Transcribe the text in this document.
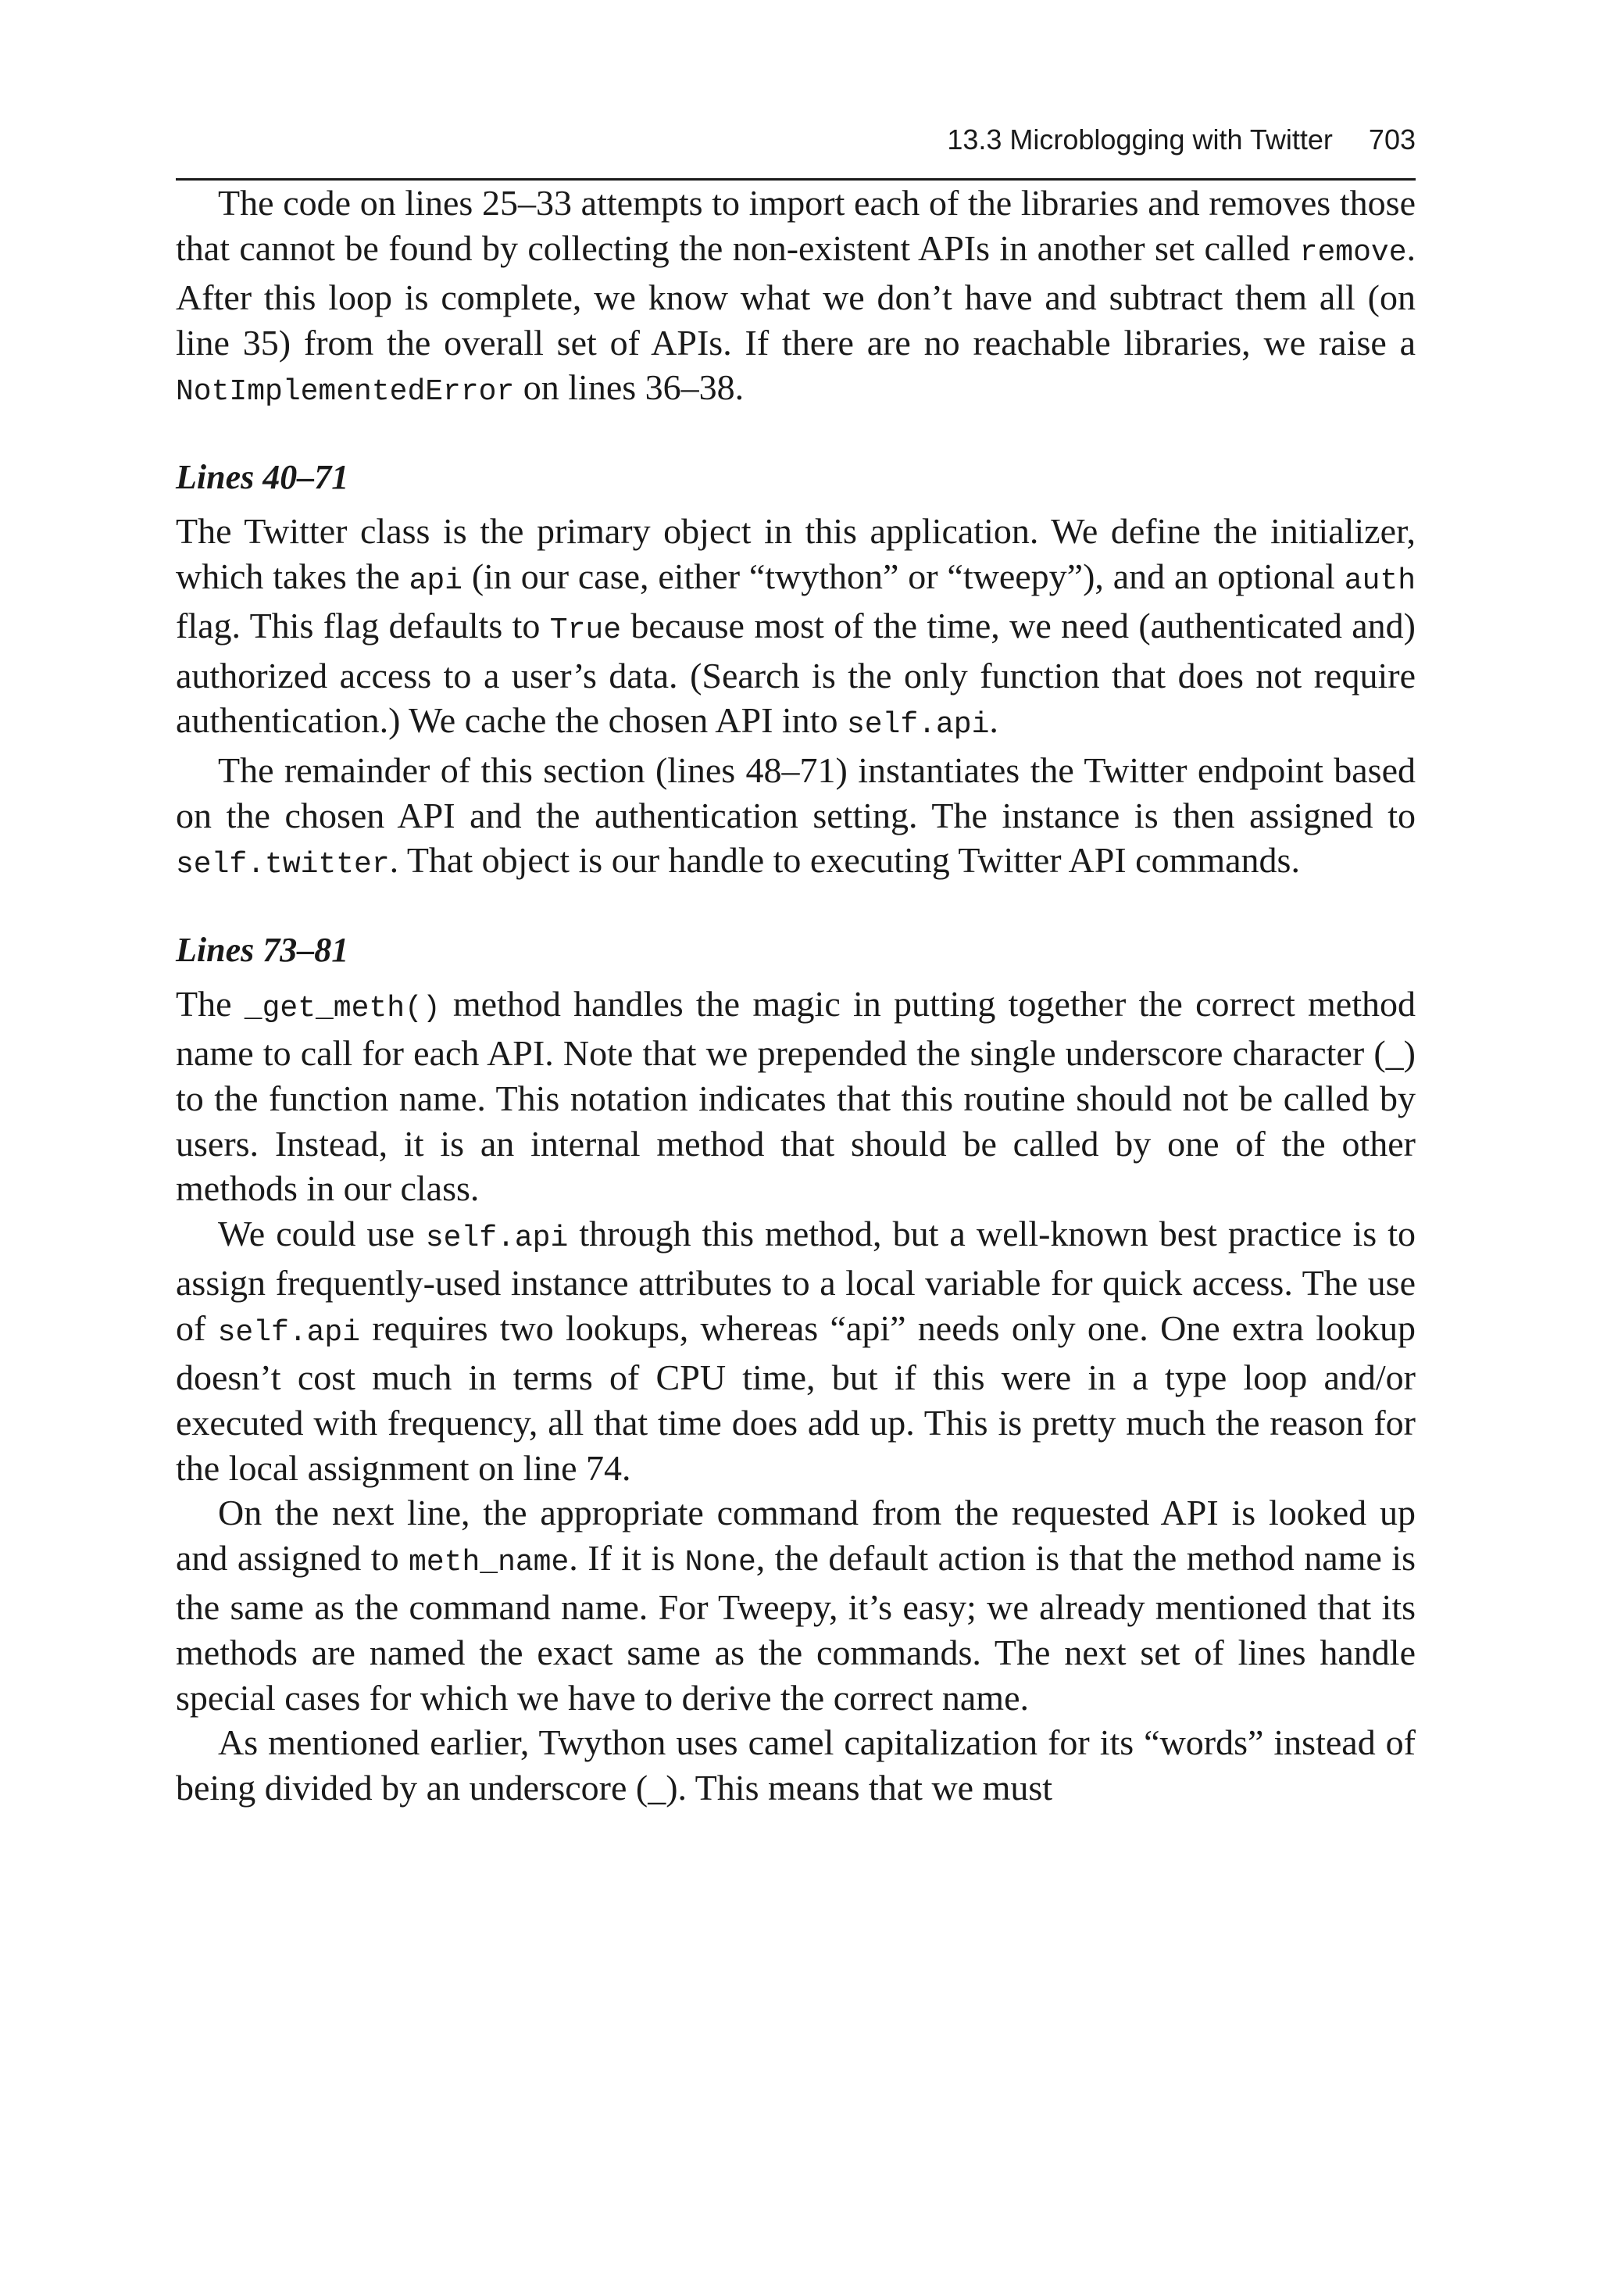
13.3 Microblogging with Twitter 703

The code on lines 25–33 attempts to import each of the libraries and removes those that cannot be found by collecting the non-existent APIs in another set called remove. After this loop is complete, we know what we don’t have and subtract them all (on line 35) from the overall set of APIs. If there are no reachable libraries, we raise a NotImplementedError on lines 36–38.

Lines 40–71

The Twitter class is the primary object in this application. We define the initializer, which takes the api (in our case, either “twython” or “tweepy”), and an optional auth flag. This flag defaults to True because most of the time, we need (authenticated and) authorized access to a user’s data. (Search is the only function that does not require authentication.) We cache the chosen API into self.api.

The remainder of this section (lines 48–71) instantiates the Twitter endpoint based on the chosen API and the authentication setting. The instance is then assigned to self.twitter. That object is our handle to executing Twitter API commands.

Lines 73–81

The _get_meth() method handles the magic in putting together the correct method name to call for each API. Note that we prepended the single underscore character (_) to the function name. This notation indicates that this routine should not be called by users. Instead, it is an internal method that should be called by one of the other methods in our class.

We could use self.api through this method, but a well-known best practice is to assign frequently-used instance attributes to a local variable for quick access. The use of self.api requires two lookups, whereas “api” needs only one. One extra lookup doesn’t cost much in terms of CPU time, but if this were in a type loop and/or executed with frequency, all that time does add up. This is pretty much the reason for the local assignment on line 74.

On the next line, the appropriate command from the requested API is looked up and assigned to meth_name. If it is None, the default action is that the method name is the same as the command name. For Tweepy, it’s easy; we already mentioned that its methods are named the exact same as the commands. The next set of lines handle special cases for which we have to derive the correct name.

As mentioned earlier, Twython uses camel capitalization for its “words” instead of being divided by an underscore (_). This means that we must
